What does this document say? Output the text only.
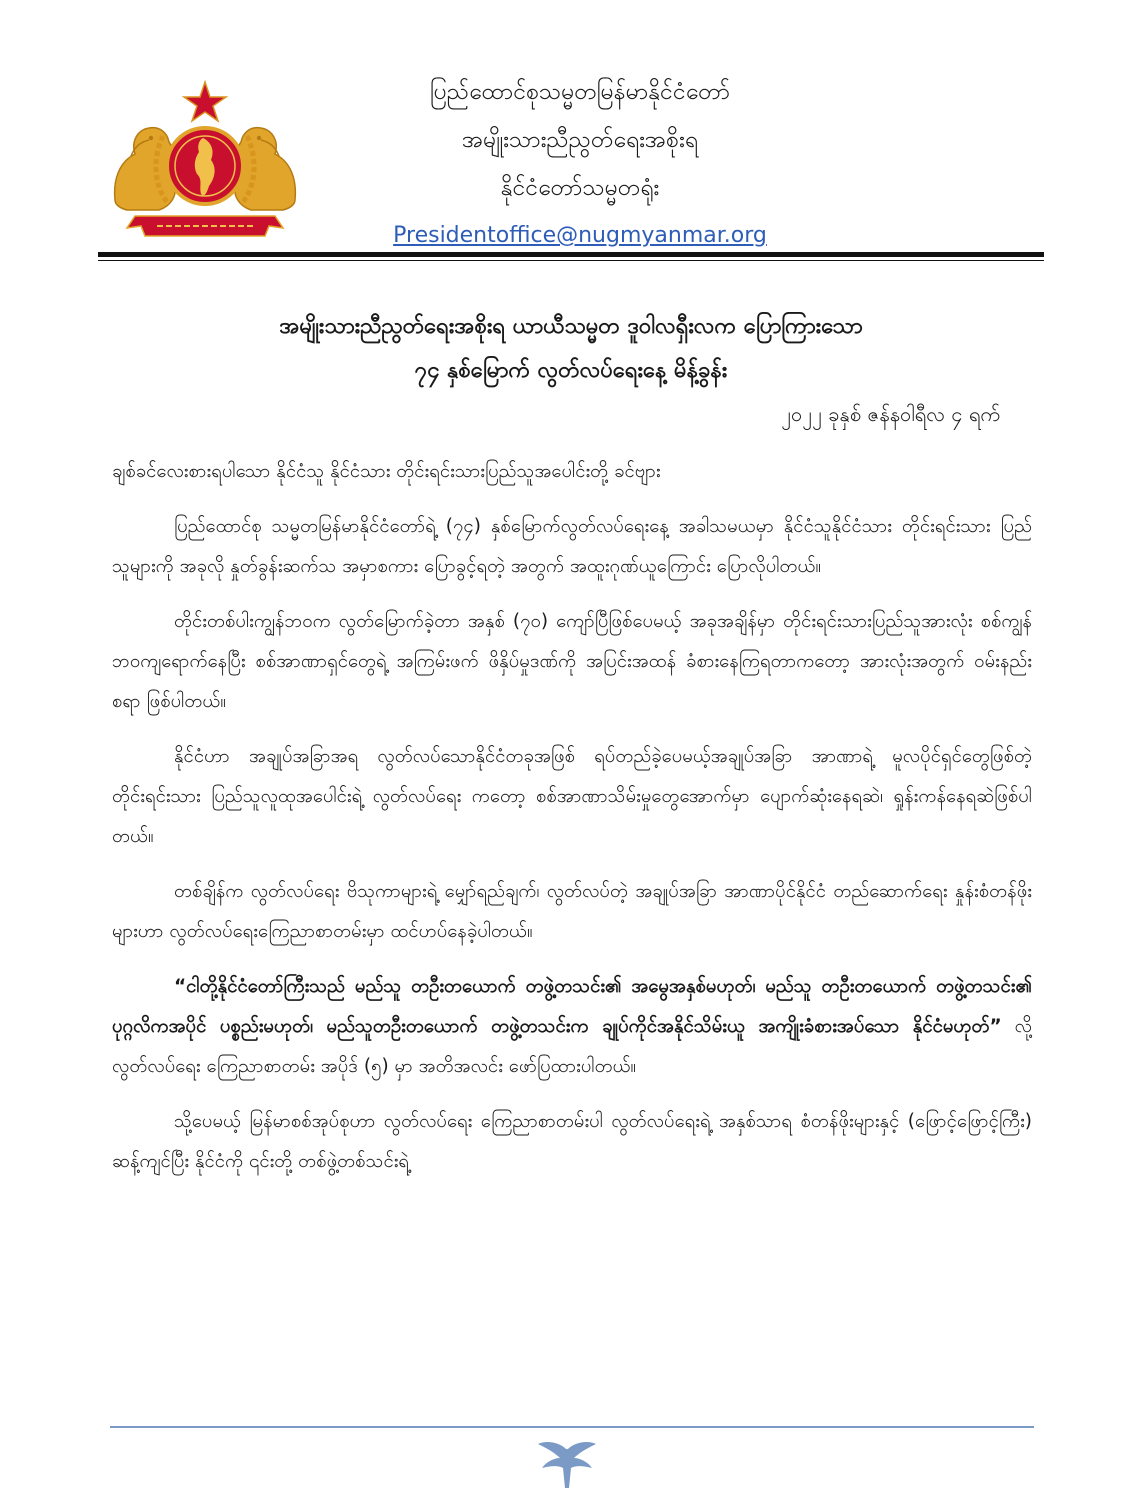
ပြည်ထောင်စုသမ္မတမြန်မာနိုင်ငံတော်
အမျိုးသားညီညွတ်ရေးအစိုးရ
နိုင်ငံတော်သမ္မတရုံး
Presidentoffice@nugmyanmar.org
အမျိုးသားညီညွတ်ရေးအစိုးရ ယာယီသမ္မတ ဒူဝါလရှီးလက ပြောကြားသော
၇၄ နှစ်မြောက် လွတ်လပ်ရေးနေ့ မိန့်ခွန်း
၂၀၂၂ ခုနှစ် ဇန်နဝါရီလ ၄ ရက်

ချစ်ခင်လေးစားရပါသော နိုင်ငံသူ နိုင်ငံသား တိုင်းရင်းသားပြည်သူအပေါင်းတို့ ခင်ဗျား

ပြည်ထောင်စု သမ္မတမြန်မာနိုင်ငံတော်ရဲ့ (၇၄) နှစ်မြောက်လွတ်လပ်ရေးနေ့ အခါသမယမှာ နိုင်ငံသူနိုင်ငံသား တိုင်းရင်းသား ပြည်သူများကို အခုလို နှုတ်ခွန်းဆက်သ အမှာစကား ပြောခွင့်ရတဲ့ အတွက် အထူးဂုဏ်ယူကြောင်း ပြောလိုပါတယ်။

တိုင်းတစ်ပါးကျွန်ဘဝက လွတ်မြောက်ခဲ့တာ အနှစ် (၇၀) ကျော်ပြီဖြစ်ပေမယ့် အခုအချိန်မှာ တိုင်းရင်းသားပြည်သူအားလုံး စစ်ကျွန်ဘဝကျရောက်နေပြီး စစ်အာဏာရှင်တွေရဲ့ အကြမ်းဖက် ဖိနှိပ်မှုဒဏ်ကို အပြင်းအထန် ခံစားနေကြရတာကတော့ အားလုံးအတွက် ဝမ်းနည်းစရာ ဖြစ်ပါတယ်။

နိုင်ငံဟာ အချုပ်အခြာအရ လွတ်လပ်သောနိုင်ငံတခုအဖြစ် ရပ်တည်ခဲ့ပေမယ့်အချုပ်အခြာ အာဏာရဲ့ မူလပိုင်ရှင်တွေဖြစ်တဲ့ တိုင်းရင်းသား ပြည်သူလူထုအပေါင်းရဲ့ လွတ်လပ်ရေး ကတော့ စစ်အာဏာသိမ်းမှုတွေအောက်မှာ ပျောက်ဆုံးနေရဆဲ၊ ရှုန်းကန်နေရဆဲဖြစ်ပါတယ်။

တစ်ချိန်က လွတ်လပ်ရေး ဗိသုကာများရဲ့ မျှော်ရည်ချက်၊ လွတ်လပ်တဲ့ အချုပ်အခြာ အာဏာပိုင်နိုင်ငံ တည်ဆောက်ရေး နှုန်းစံတန်ဖိုးများဟာ လွတ်လပ်ရေးကြေညာစာတမ်းမှာ ထင်ဟပ်နေခဲ့ပါတယ်။

“ငါတို့နိုင်ငံတော်ကြီးသည် မည်သူ တဦးတယောက် တဖွဲ့တသင်း၏ အမွေအနှစ်မဟုတ်၊ မည်သူ တဦးတယောက် တဖွဲ့တသင်း၏ ပုဂ္ဂလိကအပိုင် ပစ္စည်းမဟုတ်၊ မည်သူတဦးတယောက် တဖွဲ့တသင်းက ချုပ်ကိုင်အနိုင်သိမ်းယူ အကျိုးခံစားအပ်သော နိုင်ငံမဟုတ်” လို့ လွတ်လပ်ရေး ကြေညာစာတမ်း အပိုဒ် (၅) မှာ အတိအလင်း ဖော်ပြထားပါတယ်။

သို့ပေမယ့် မြန်မာစစ်အုပ်စုဟာ လွတ်လပ်ရေး ကြေညာစာတမ်းပါ လွတ်လပ်ရေးရဲ့ အနှစ်သာရ စံတန်ဖိုးများနှင့် (ဖြောင့်ဖြောင့်ကြီး) ဆန့်ကျင်ပြီး နိုင်ငံကို ၎င်းတို့ တစ်ဖွဲ့တစ်သင်းရဲ့
